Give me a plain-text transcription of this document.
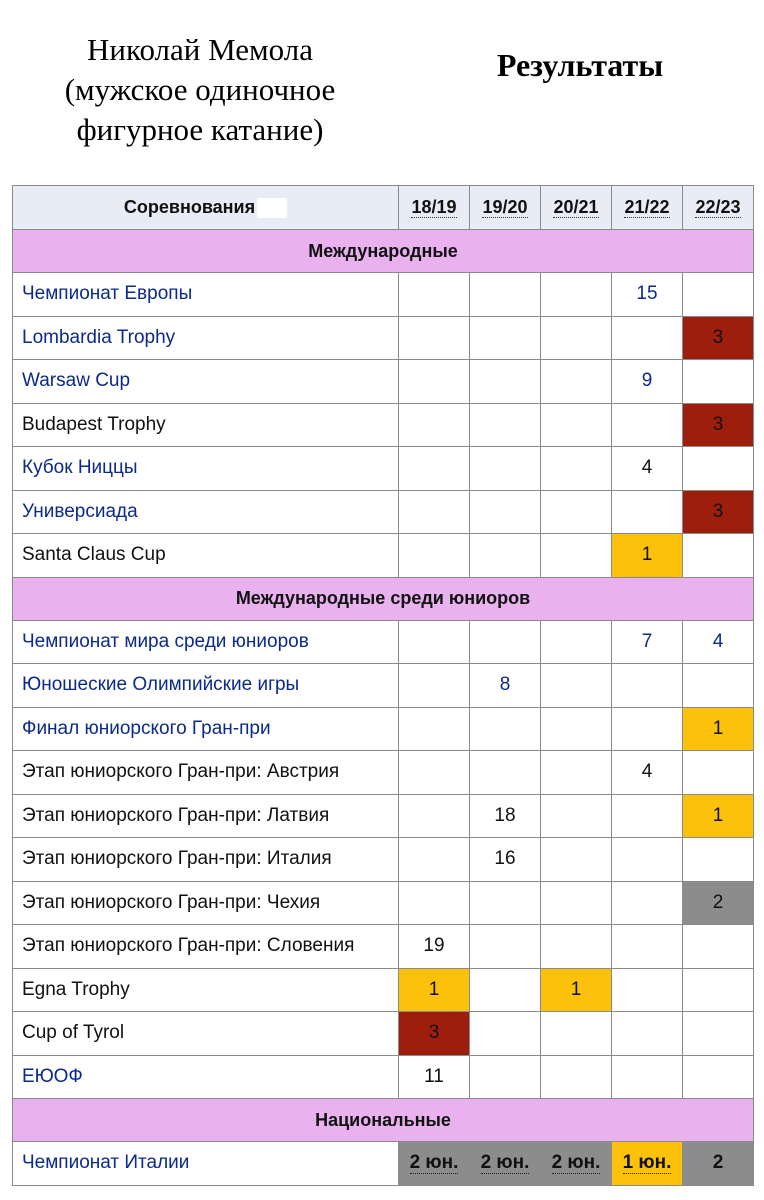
Николай Мемола
(мужское одиночное
фигурное катание)
Результаты
Соревнования	18/19	19/20	20/21	21/22	22/23
Международные					
Чемпионат Европы				15	
Lombardia Trophy					3
Warsaw Cup				9	
Budapest Trophy					3
Кубок Ниццы				4	
Универсиада					3
Santa Claus Cup				1	
Международные среди юниоров					
Чемпионат мира среди юниоров				7	4
Юношеские Олимпийские игры		8			
Финал юниорского Гран-при					1
Этап юниорского Гран-при: Австрия				4	
Этап юниорского Гран-при: Латвия		18			1
Этап юниорского Гран-при: Италия		16			
Этап юниорского Гран-при: Чехия					2
Этап юниорского Гран-при: Словения	19				
Egna Trophy	1		1		
Cup of Tyrol	3				
ЕЮОФ	11				
Национальные					
Чемпионат Италии	2 юн.	2 юн.	2 юн.	1 юн.	2
